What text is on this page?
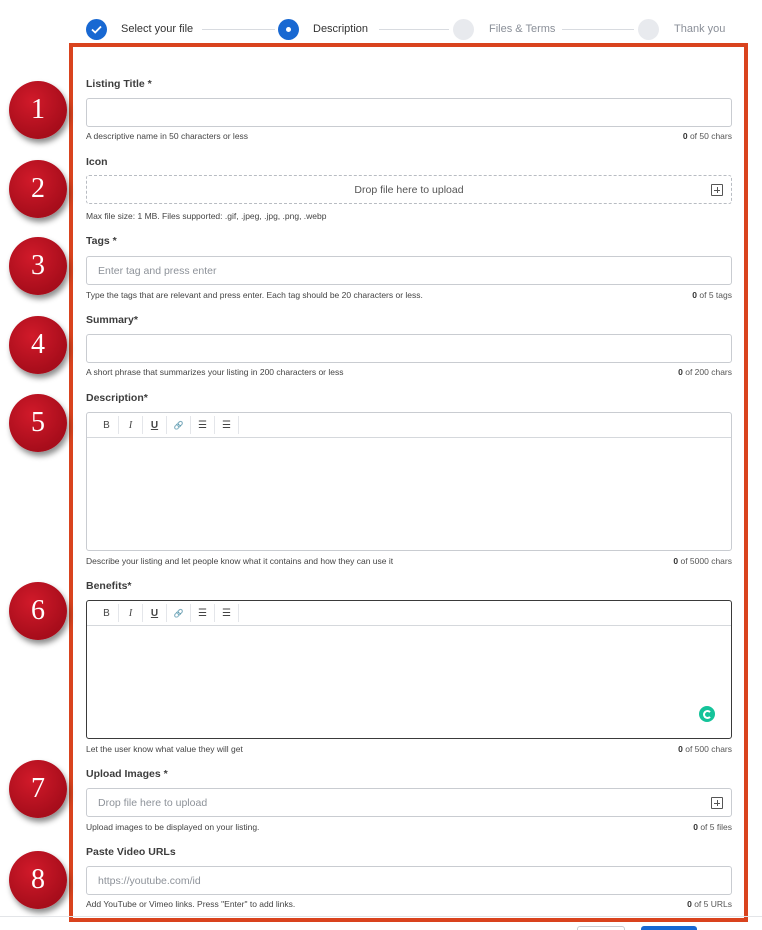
Select your file	Description	Files & Terms	Thank you
1
2
3
4
5
6
7
8
Listing Title *
A descriptive name in 50 characters or less	0 of 50 chars
Icon
Drop file here to upload
Max file size: 1 MB. Files supported: .gif, .jpeg, .jpg, .png, .webp
Tags *
Enter tag and press enter
Type the tags that are relevant and press enter. Each tag should be 20 characters or less.	0 of 5 tags
Summary*
A short phrase that summarizes your listing in 200 characters or less	0 of 200 chars
Description*
B	I	U	🔗	☰	☰
Describe your listing and let people know what it contains and how they can use it	0 of 5000 chars
Benefits*
B	I	U	🔗	☰	☰
Let the user know what value they will get	0 of 500 chars
Upload Images *
Drop file here to upload
Upload images to be displayed on your listing.	0 of 5 files
Paste Video URLs
https://youtube.com/id
Add YouTube or Vimeo links. Press "Enter" to add links.	0 of 5 URLs
